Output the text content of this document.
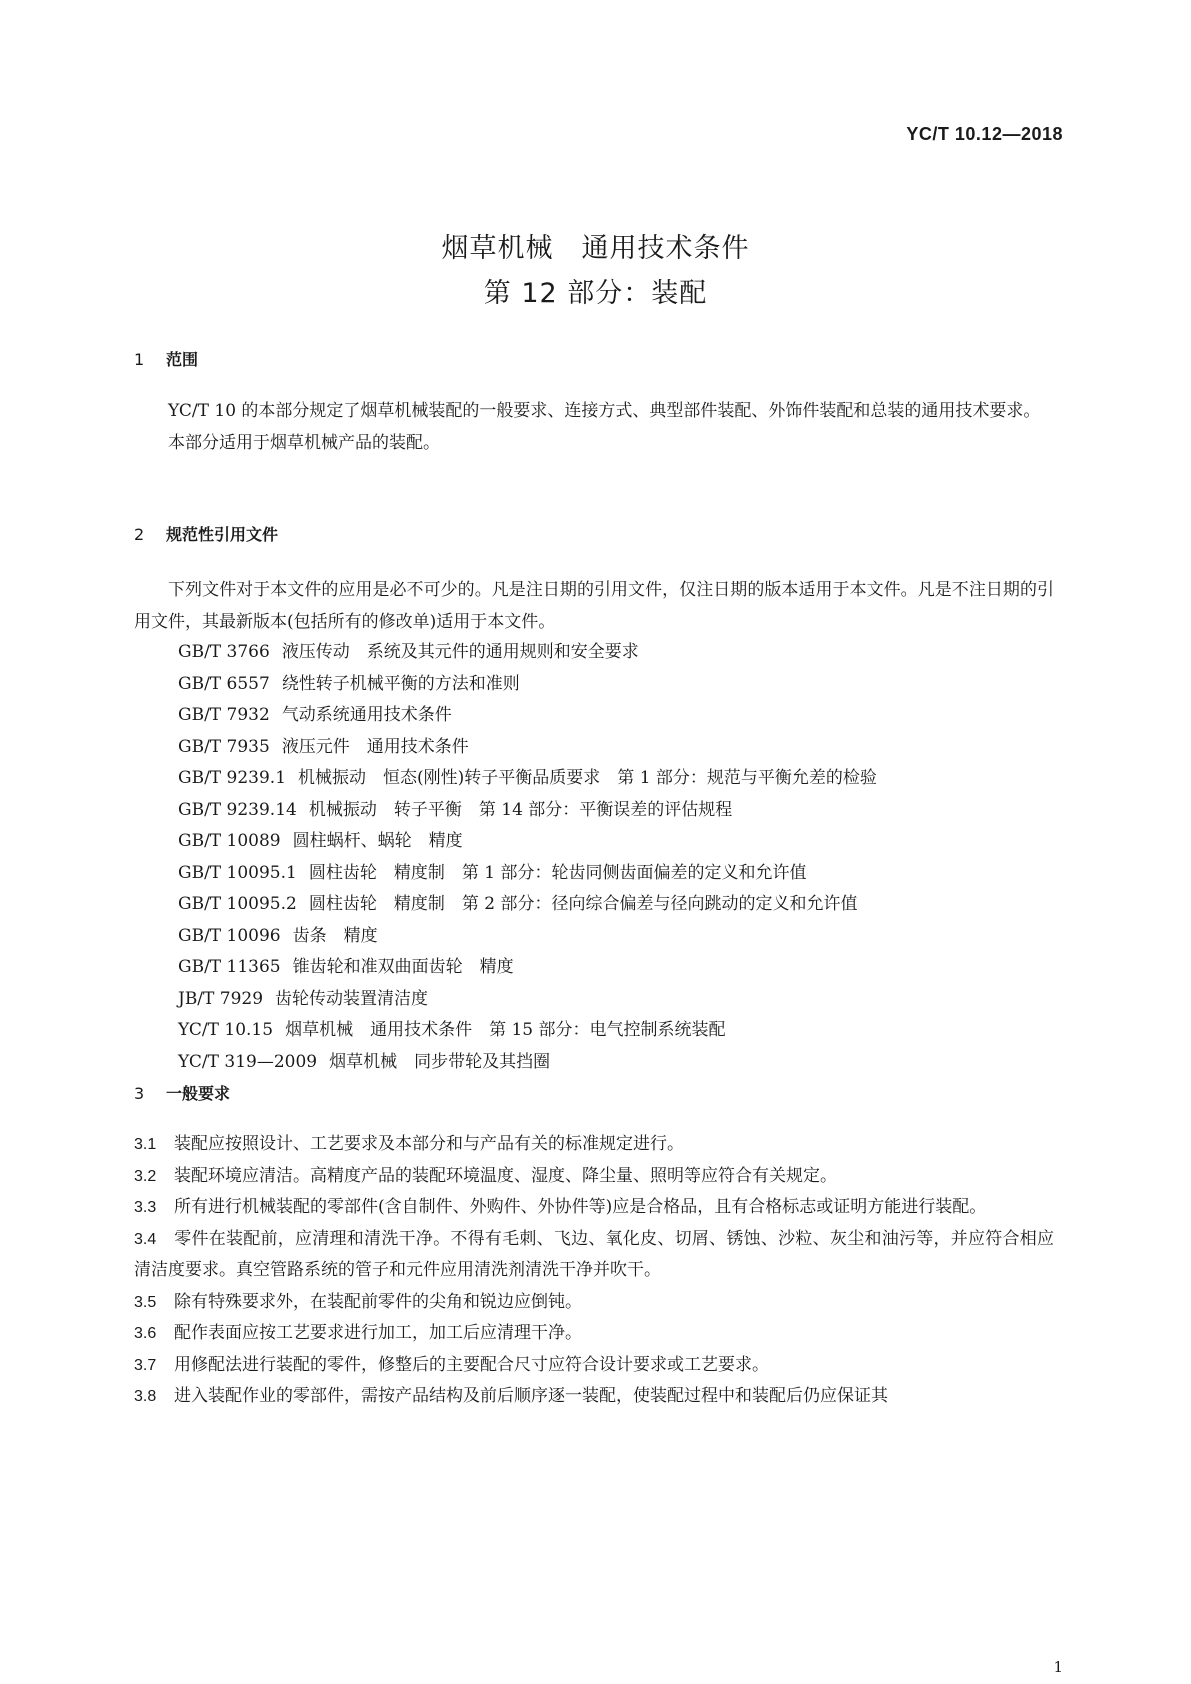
YC/T 10.12—2018
烟草机械　通用技术条件
第 12 部分：装配
1 范围
YC/T 10 的本部分规定了烟草机械装配的一般要求、连接方式、典型部件装配、外饰件装配和总装的通用技术要求。
本部分适用于烟草机械产品的装配。
2 规范性引用文件
下列文件对于本文件的应用是必不可少的。凡是注日期的引用文件，仅注日期的版本适用于本文件。凡是不注日期的引用文件，其最新版本(包括所有的修改单)适用于本文件。
GB/T 3766 液压传动　系统及其元件的通用规则和安全要求
GB/T 6557 绕性转子机械平衡的方法和准则
GB/T 7932 气动系统通用技术条件
GB/T 7935 液压元件　通用技术条件
GB/T 9239.1 机械振动　恒态(刚性)转子平衡品质要求　第 1 部分：规范与平衡允差的检验
GB/T 9239.14 机械振动　转子平衡　第 14 部分：平衡误差的评估规程
GB/T 10089 圆柱蜗杆、蜗轮　精度
GB/T 10095.1 圆柱齿轮　精度制　第 1 部分：轮齿同侧齿面偏差的定义和允许值
GB/T 10095.2 圆柱齿轮　精度制　第 2 部分：径向综合偏差与径向跳动的定义和允许值
GB/T 10096 齿条　精度
GB/T 11365 锥齿轮和准双曲面齿轮　精度
JB/T 7929 齿轮传动装置清洁度
YC/T 10.15 烟草机械　通用技术条件　第 15 部分：电气控制系统装配
YC/T 319—2009 烟草机械　同步带轮及其挡圈
3 一般要求
3.1 装配应按照设计、工艺要求及本部分和与产品有关的标准规定进行。
3.2 装配环境应清洁。高精度产品的装配环境温度、湿度、降尘量、照明等应符合有关规定。
3.3 所有进行机械装配的零部件(含自制件、外购件、外协件等)应是合格品，且有合格标志或证明方能进行装配。
3.4 零件在装配前，应清理和清洗干净。不得有毛刺、飞边、氧化皮、切屑、锈蚀、沙粒、灰尘和油污等，并应符合相应清洁度要求。真空管路系统的管子和元件应用清洗剂清洗干净并吹干。
3.5 除有特殊要求外，在装配前零件的尖角和锐边应倒钝。
3.6 配作表面应按工艺要求进行加工，加工后应清理干净。
3.7 用修配法进行装配的零件，修整后的主要配合尺寸应符合设计要求或工艺要求。
3.8 进入装配作业的零部件，需按产品结构及前后顺序逐一装配，使装配过程中和装配后仍应保证其
1
